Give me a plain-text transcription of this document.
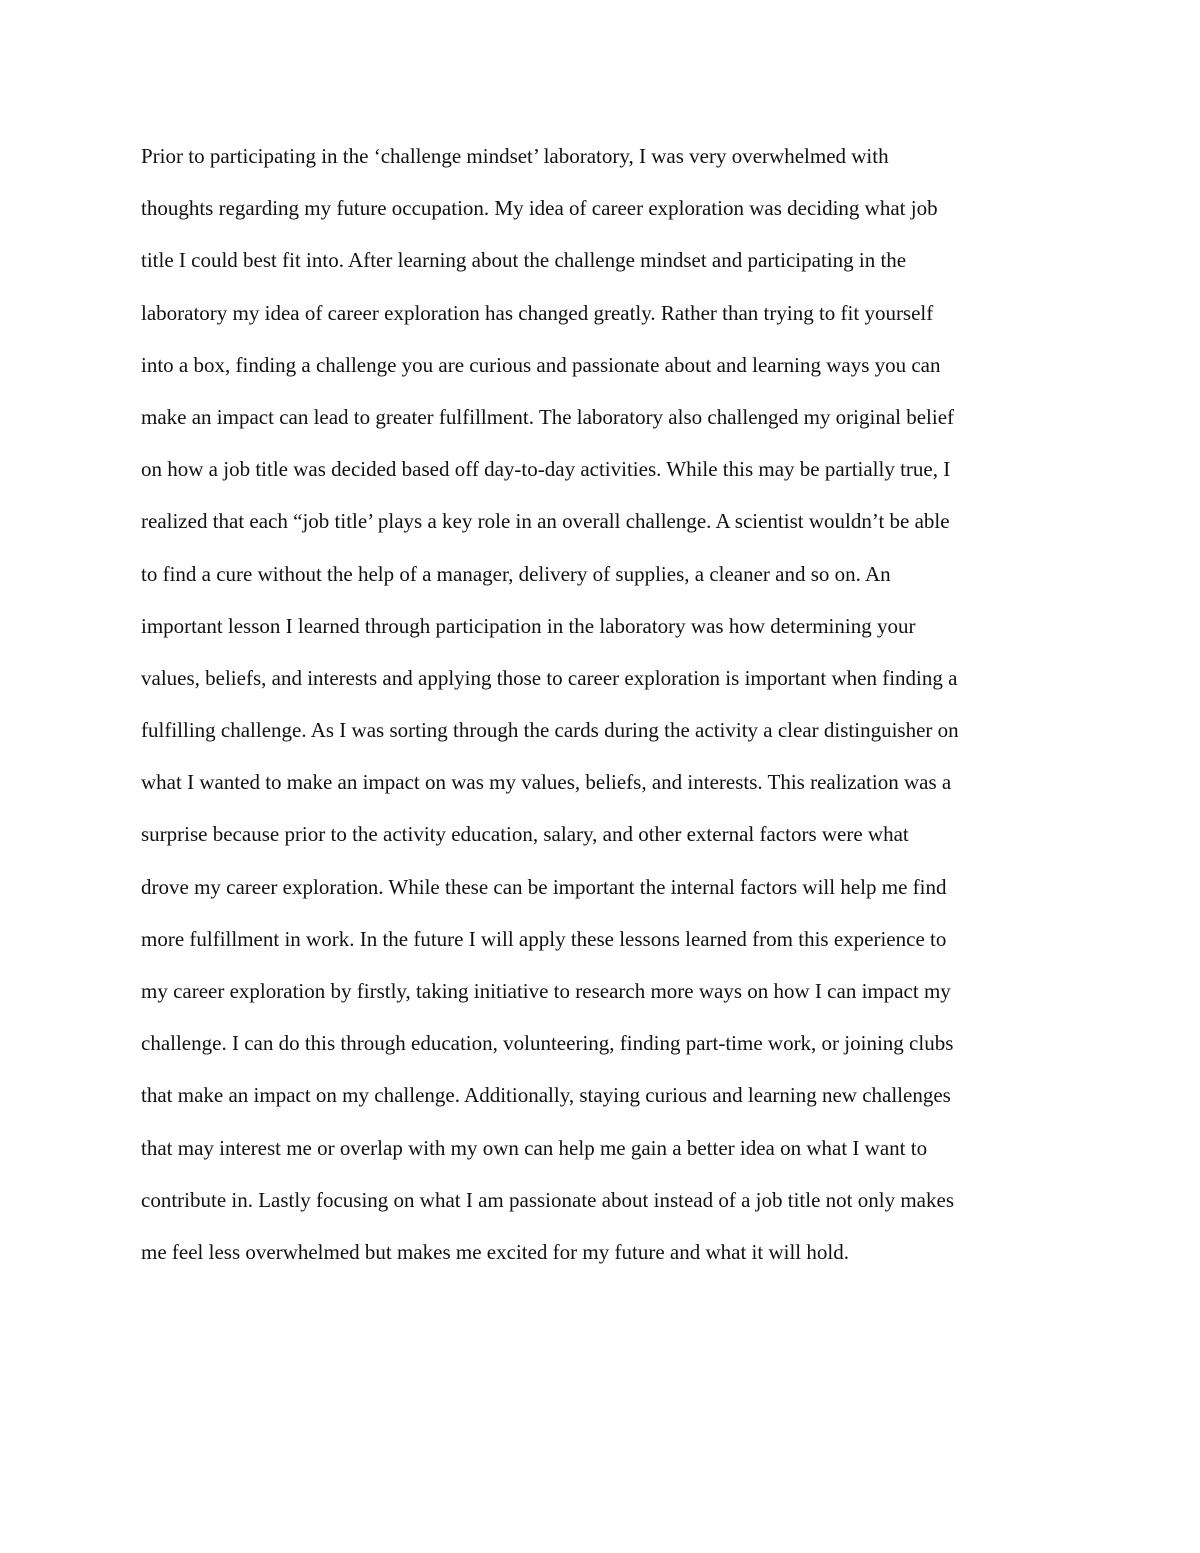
Prior to participating in the ‘challenge mindset’ laboratory, I was very overwhelmed with
thoughts regarding my future occupation. My idea of career exploration was deciding what job
title I could best fit into. After learning about the challenge mindset and participating in the
laboratory my idea of career exploration has changed greatly. Rather than trying to fit yourself
into a box, finding a challenge you are curious and passionate about and learning ways you can
make an impact can lead to greater fulfillment. The laboratory also challenged my original belief
on how a job title was decided based off day-to-day activities. While this may be partially true, I
realized that each “job title’ plays a key role in an overall challenge. A scientist wouldn’t be able
to find a cure without the help of a manager, delivery of supplies, a cleaner and so on. An
important lesson I learned through participation in the laboratory was how determining your
values, beliefs, and interests and applying those to career exploration is important when finding a
fulfilling challenge. As I was sorting through the cards during the activity a clear distinguisher on
what I wanted to make an impact on was my values, beliefs, and interests. This realization was a
surprise because prior to the activity education, salary, and other external factors were what
drove my career exploration. While these can be important the internal factors will help me find
more fulfillment in work. In the future I will apply these lessons learned from this experience to
my career exploration by firstly, taking initiative to research more ways on how I can impact my
challenge. I can do this through education, volunteering, finding part-time work, or joining clubs
that make an impact on my challenge. Additionally, staying curious and learning new challenges
that may interest me or overlap with my own can help me gain a better idea on what I want to
contribute in. Lastly focusing on what I am passionate about instead of a job title not only makes
me feel less overwhelmed but makes me excited for my future and what it will hold.
